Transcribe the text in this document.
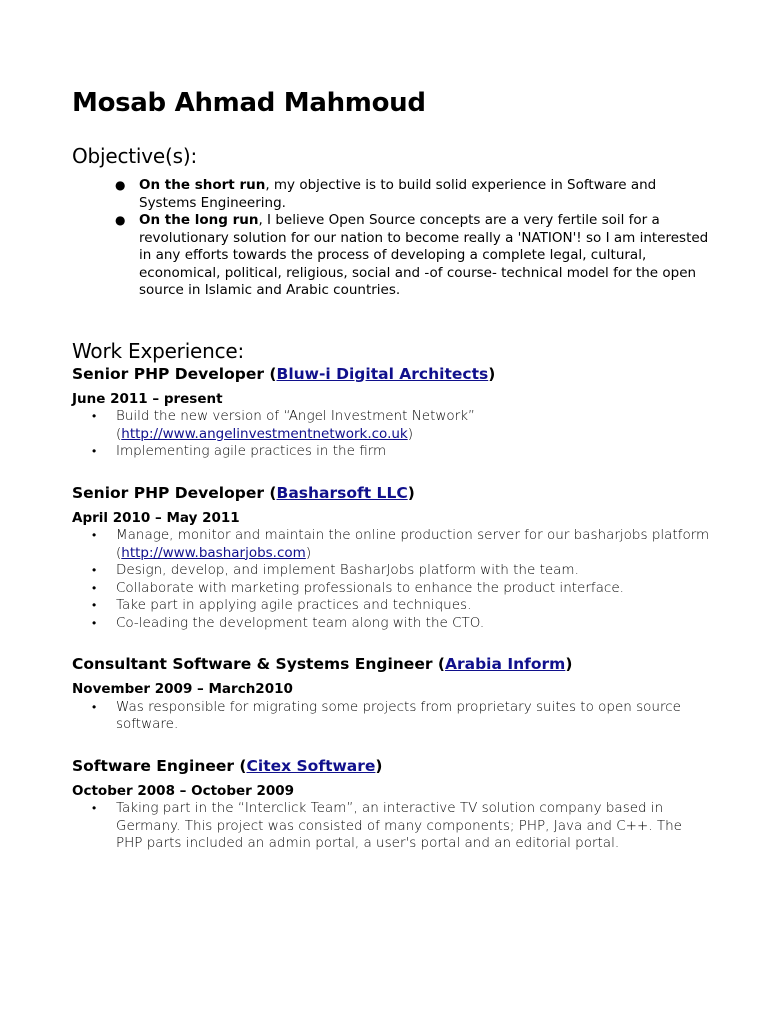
Mosab Ahmad Mahmoud
Objective(s):
● On the short run, my objective is to build solid experience in Software and Systems Engineering.
● On the long run, I believe Open Source concepts are a very fertile soil for a revolutionary solution for our nation to become really a 'NATION'! so I am interested in any efforts towards the process of developing a complete legal, cultural, economical, political, religious, social and -of course- technical model for the open source in Islamic and Arabic countries.
Work Experience:

Senior PHP Developer (Bluw-i Digital Architects)

June 2011 – present

• Build the new version of “Angel Investment Network” (http://www.angelinvestmentnetwork.co.uk)
• Implementing agile practices in the firm

Senior PHP Developer (Basharsoft LLC)

April 2010 – May 2011

• Manage, monitor and maintain the online production server for our basharjobs platform (http://www.basharjobs.com)
• Design, develop, and implement BasharJobs platform with the team.
• Collaborate with marketing professionals to enhance the product interface.
• Take part in applying agile practices and techniques.
• Co-leading the development team along with the CTO.

Consultant Software & Systems Engineer (Arabia Inform)

November 2009 – March2010

• Was responsible for migrating some projects from proprietary suites to open source software.

Software Engineer (Citex Software)

October 2008 – October 2009

• Taking part in the “Interclick Team”, an interactive TV solution company based in Germany. This project was consisted of many components; PHP, Java and C++. The PHP parts included an admin portal, a user's portal and an editorial portal.
